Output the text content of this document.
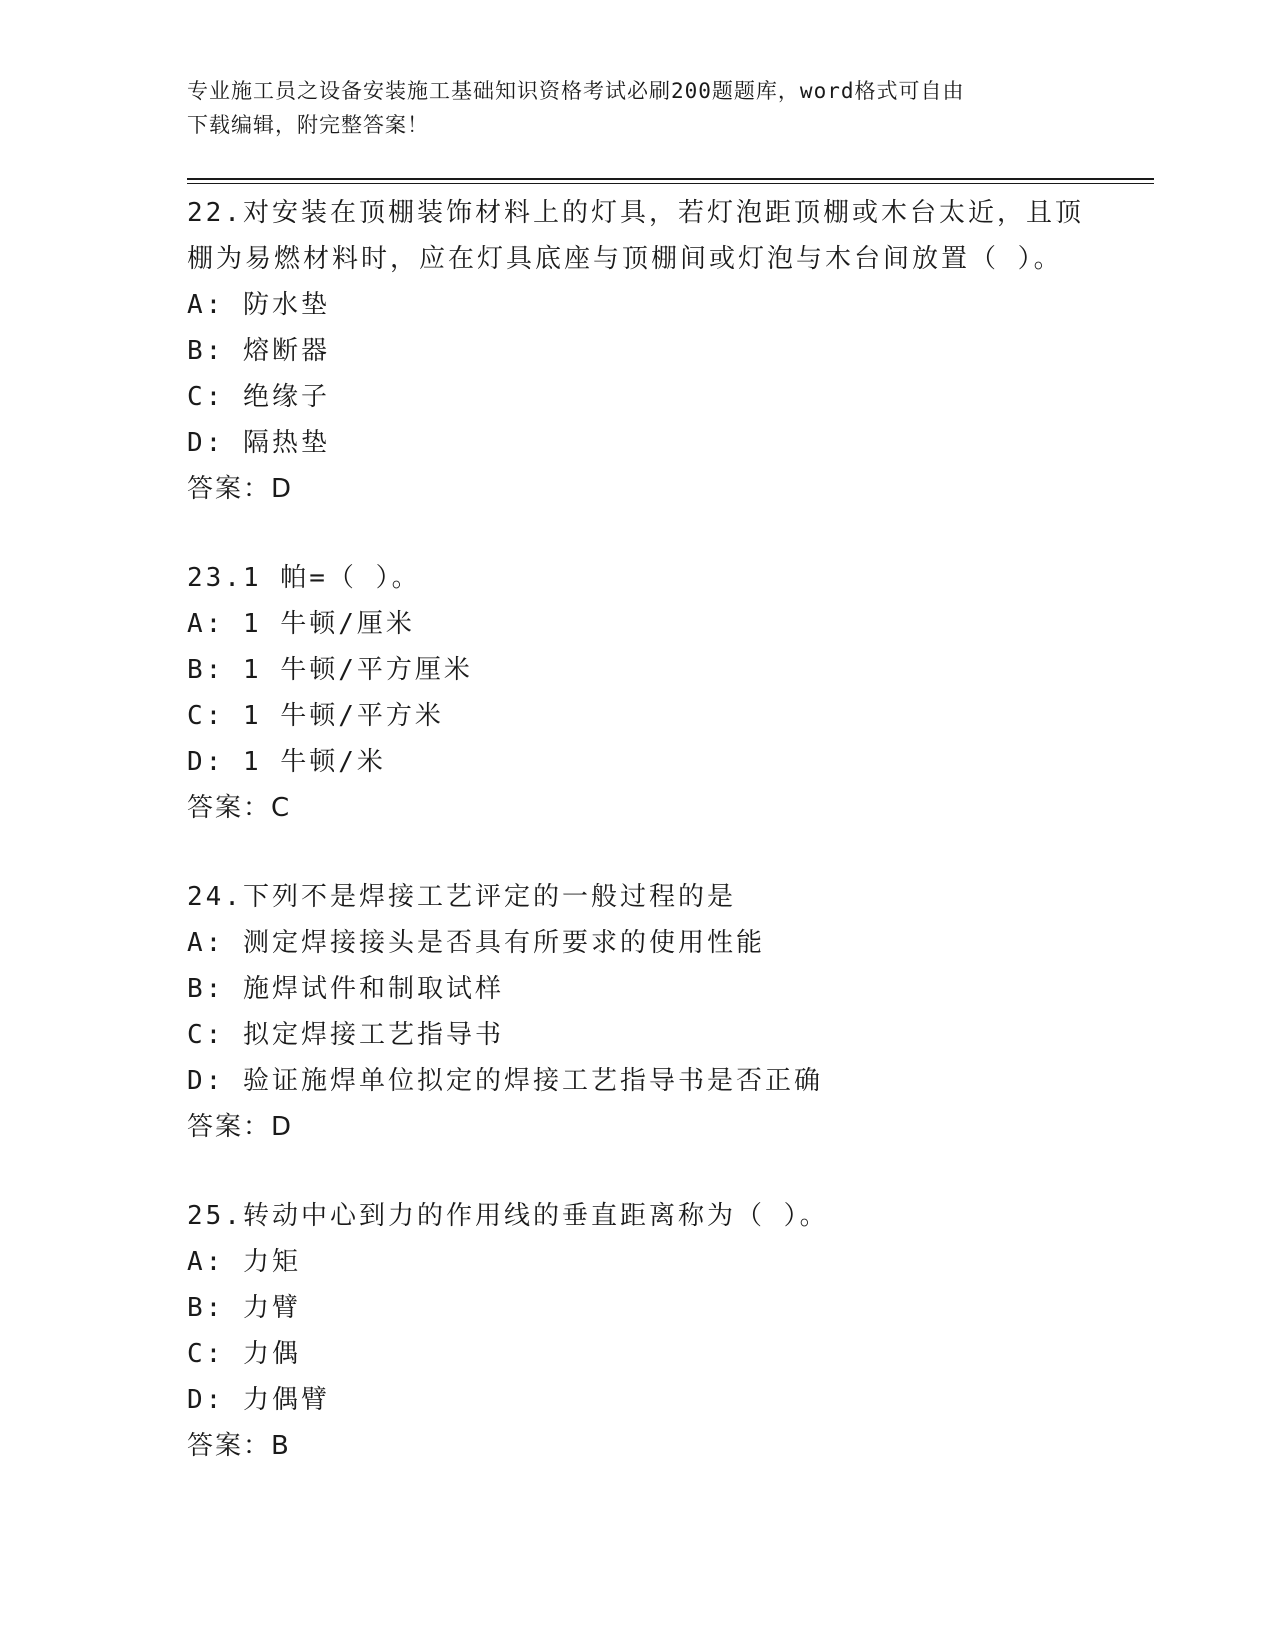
专业施工员之设备安装施工基础知识资格考试必刷200题题库，word格式可自由
下载编辑，附完整答案！
22.对安装在顶棚装饰材料上的灯具，若灯泡距顶棚或木台太近，且顶
棚为易燃材料时，应在灯具底座与顶棚间或灯泡与木台间放置（ ）。
A: 防水垫
B: 熔断器
C: 绝缘子
D: 隔热垫
答案：D
23.1 帕=（ ）。
A: 1 牛顿/厘米
B: 1 牛顿/平方厘米
C: 1 牛顿/平方米
D: 1 牛顿/米
答案：C
24.下列不是焊接工艺评定的一般过程的是
A: 测定焊接接头是否具有所要求的使用性能
B: 施焊试件和制取试样
C: 拟定焊接工艺指导书
D: 验证施焊单位拟定的焊接工艺指导书是否正确
答案：D
25.转动中心到力的作用线的垂直距离称为（ ）。
A: 力矩
B: 力臂
C: 力偶
D: 力偶臂
答案：B
